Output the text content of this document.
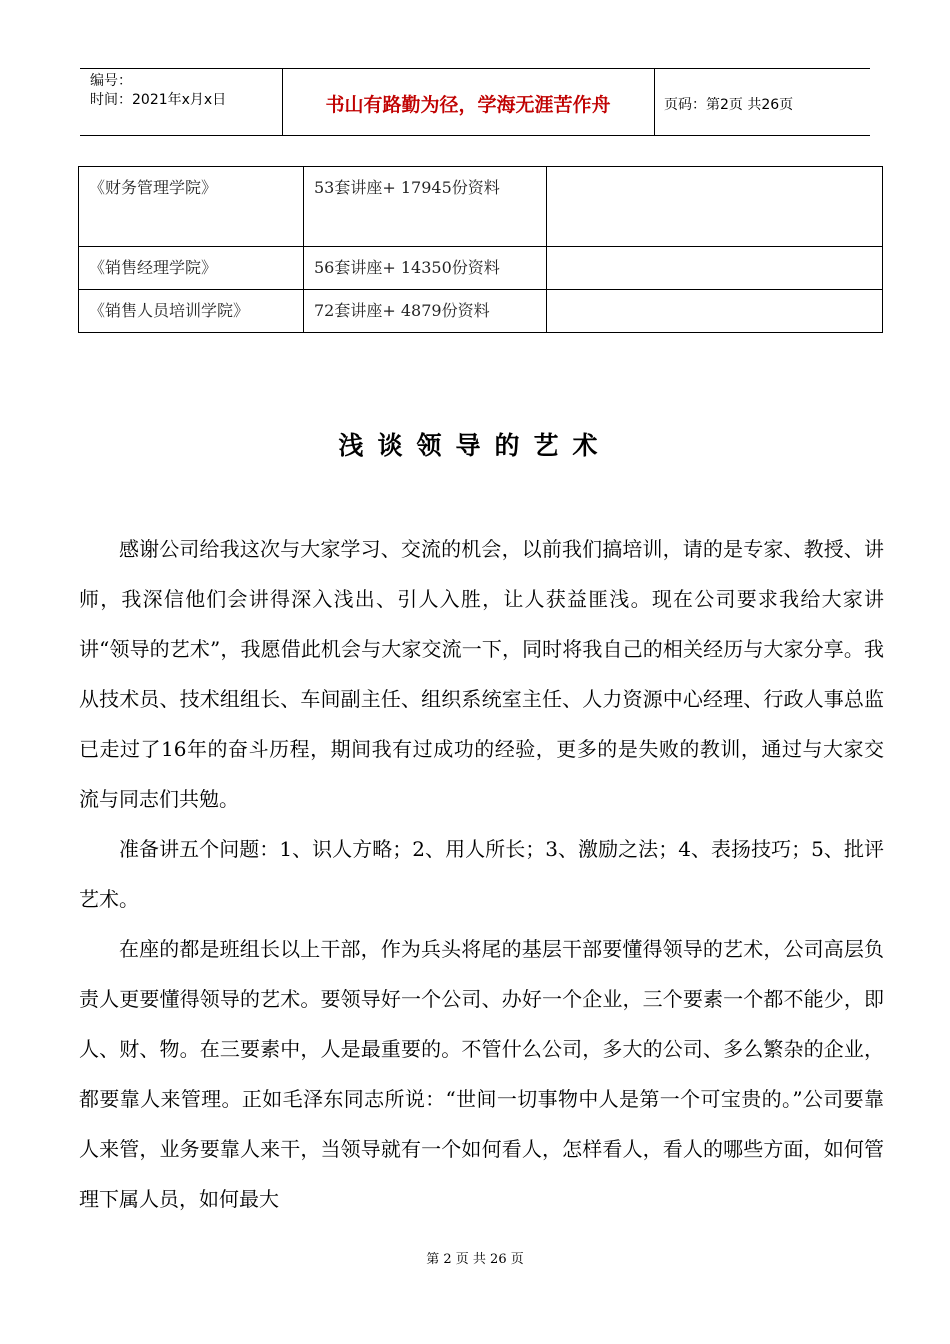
编号：
时间：2021年x月x日	书山有路勤为径，学海无涯苦作舟	页码：第2页 共26页
《财务管理学院》	53套讲座+ 17945份资料	
《销售经理学院》	56套讲座+ 14350份资料	
《销售人员培训学院》	72套讲座+ 4879份资料	
浅谈领导的艺术

感谢公司给我这次与大家学习、交流的机会，以前我们搞培训，请的是专家、教授、讲师，我深信他们会讲得深入浅出、引人入胜，让人获益匪浅。现在公司要求我给大家讲讲“领导的艺术”，我愿借此机会与大家交流一下，同时将我自己的相关经历与大家分享。我从技术员、技术组组长、车间副主任、组织系统室主任、人力资源中心经理、行政人事总监已走过了16年的奋斗历程，期间我有过成功的经验，更多的是失败的教训，通过与大家交流与同志们共勉。

准备讲五个问题：1、识人方略；2、用人所长；3、激励之法；4、表扬技巧；5、批评艺术。

在座的都是班组长以上干部，作为兵头将尾的基层干部要懂得领导的艺术，公司高层负责人更要懂得领导的艺术。要领导好一个公司、办好一个企业，三个要素一个都不能少，即人、财、物。在三要素中，人是最重要的。不管什么公司，多大的公司、多么繁杂的企业，都要靠人来管理。正如毛泽东同志所说：“世间一切事物中人是第一个可宝贵的。”公司要靠人来管，业务要靠人来干，当领导就有一个如何看人，怎样看人，看人的哪些方面，如何管理下属人员，如何最大

第 2 页 共 26 页
